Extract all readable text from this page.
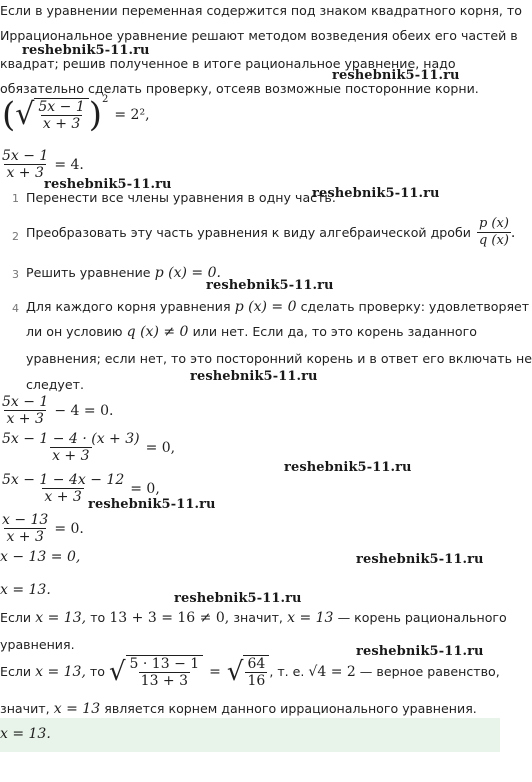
Если в уравнении переменная содержится под знаком квадратного корня, то
Иррациональное уравнение решают методом возведения обеих его частей в
квадрат; решив полученное в итоге рациональное уравнение, надо
обязательно сделать проверку, отсеяв возможные посторонние корни.
( √ $\frac{5x - 1}{x + 3}$ ) 2
= 2²,
$\frac{5x - 1}{x + 3} = 4$.
1 Перенести все члены уравнения в одну часть.
2 Преобразовать эту часть уравнения к виду алгебраической дроби $\frac{p (x)}{q (x)}$ .
3 Решить уравнение p (x) = 0.
4 Для каждого корня уравнения p (x) = 0 сделать проверку: удовлетворяет
ли он условию q (x) ≠ 0 или нет. Если да, то это корень заданного
уравнения; если нет, то это посторонний корень и в ответ его включать не
следует.
$\frac{5x - 1}{x + 3} - 4 = 0$.
$\frac{5x - 1 - 4 \cdot (x + 3)}{x + 3} = 0$,
$\frac{5x - 1 - 4x - 12}{x + 3} = 0$,
$\frac{x - 13}{x + 3} = 0$.
x − 13 = 0,
x = 13.
Если x = 13, то 13 + 3 = 16 ≠ 0, значит, x = 13 — корень рационального
уравнения.
Если x = 13, то √ $\frac{5 \cdot 13 - 1}{13 + 3}$ = √ $\frac{64}{16}$ , т. е. √4 = 2 — верное равенство,
значит, x = 13 является корнем данного иррационального уравнения.
x = 13.
reshebnik5-11.ru
reshebnik5-11.ru
reshebnik5-11.ru
reshebnik5-11.ru
reshebnik5-11.ru
reshebnik5-11.ru
reshebnik5-11.ru
reshebnik5-11.ru
reshebnik5-11.ru
reshebnik5-11.ru
reshebnik5-11.ru
